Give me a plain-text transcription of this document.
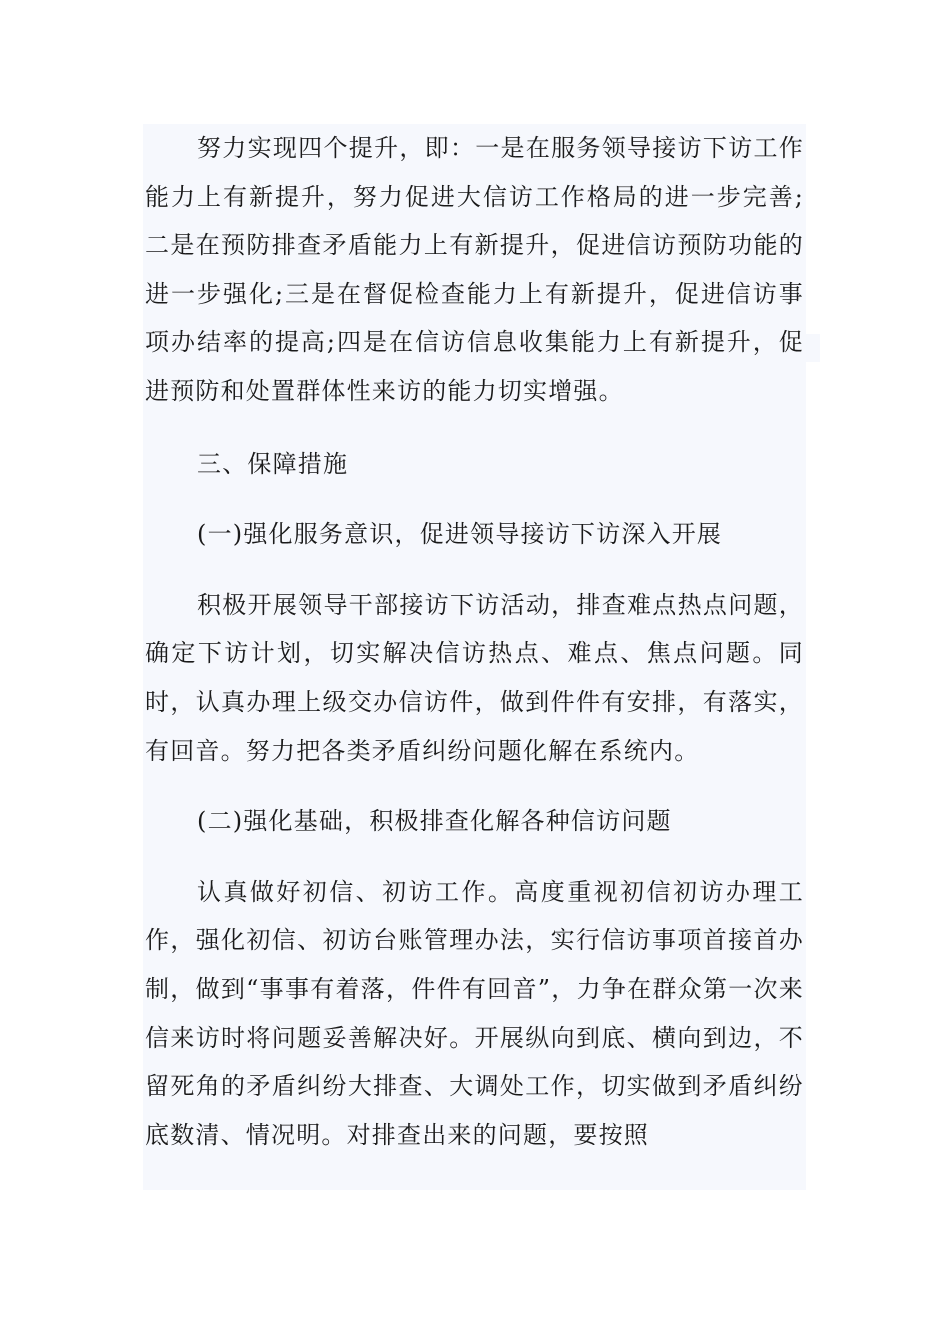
努力实现四个提升，即：一是在服务领导接访下访工作能力上有新提升，努力促进大信访工作格局的进一步完善;二是在预防排查矛盾能力上有新提升，促进信访预防功能的进一步强化;三是在督促检查能力上有新提升，促进信访事项办结率的提高;四是在信访信息收集能力上有新提升，促进预防和处置群体性来访的能力切实增强。

三、保障措施

(一)强化服务意识，促进领导接访下访深入开展

积极开展领导干部接访下访活动，排查难点热点问题，确定下访计划，切实解决信访热点、难点、焦点问题。同时，认真办理上级交办信访件，做到件件有安排，有落实，有回音。努力把各类矛盾纠纷问题化解在系统内。

(二)强化基础，积极排查化解各种信访问题

认真做好初信、初访工作。高度重视初信初访办理工作，强化初信、初访台账管理办法，实行信访事项首接首办制，做到“事事有着落，件件有回音”，力争在群众第一次来信来访时将问题妥善解决好。开展纵向到底、横向到边，不留死角的矛盾纠纷大排查、大调处工作，切实做到矛盾纠纷底数清、情况明。对排查出来的问题，要按照
